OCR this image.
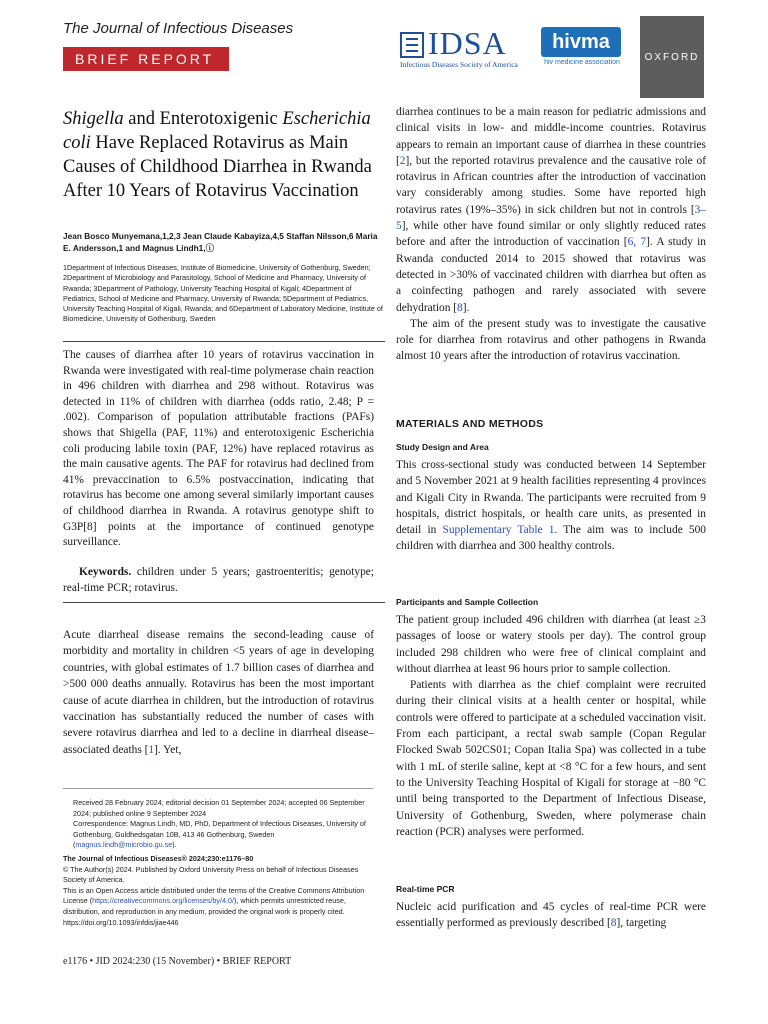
The Journal of Infectious Diseases
BRIEF REPORT	IDSA
Infectious Diseases Society of America
hivma
hiv medicine association	OXFORD
Shigella and Enterotoxigenic Escherichia coli Have Replaced Rotavirus as Main Causes of Childhood Diarrhea in Rwanda After 10 Years of Rotavirus Vaccination
Jean Bosco Munyemana,1,2,3 Jean Claude Kabayiza,4,5 Staffan Nilsson,6 Maria E. Andersson,1 and Magnus Lindh1,ⓘ
1Department of Infectious Diseases, Institute of Biomedicine, University of Gothenburg, Sweden; 2Department of Microbiology and Parasitology, School of Medicine and Pharmacy, University of Rwanda; 3Department of Pathology, University Teaching Hospital of Kigali; 4Department of Pediatrics, School of Medicine and Pharmacy, University of Rwanda; 5Department of Pediatrics, University Teaching Hospital of Kigali, Rwanda; and 6Department of Laboratory Medicine, Institute of Biomedicine, University of Gothenburg, Sweden
The causes of diarrhea after 10 years of rotavirus vaccination in Rwanda were investigated with real-time polymerase chain reaction in 496 children with diarrhea and 298 without. Rotavirus was detected in 11% of children with diarrhea (odds ratio, 2.48; P = .002). Comparison of population attributable fractions (PAFs) shows that Shigella (PAF, 11%) and enterotoxigenic Escherichia coli producing labile toxin (PAF, 12%) have replaced rotavirus as the main causative agents. The PAF for rotavirus had declined from 41% prevaccination to 6.5% postvaccination, indicating that rotavirus has become one among several similarly important causes of childhood diarrhea in Rwanda. A rotavirus genotype shift to G3P[8] points at the importance of continued genotype surveillance.
Keywords. children under 5 years; gastroenteritis; genotype; real-time PCR; rotavirus.
Acute diarrheal disease remains the second-leading cause of morbidity and mortality in children <5 years of age in developing countries, with global estimates of 1.7 billion cases of diarrhea and >500 000 deaths annually. Rotavirus has been the most important cause of acute diarrhea in children, but the introduction of rotavirus vaccination has substantially reduced the number of cases with severe rotavirus diarrhea and led to a decline in diarrheal disease–associated deaths [1]. Yet,

Received 28 February 2024; editorial decision 01 September 2024; accepted 06 September 2024; published online 9 September 2024

Correspondence: Magnus Lindh, MD, PhD, Department of Infectious Diseases, University of Gothenburg, Guldhedsgatan 10B, 413 46 Gothenburg, Sweden (magnus.lindh@microbio.gu.se).

The Journal of Infectious Diseases® 2024;230:e1176–80

© The Author(s) 2024. Published by Oxford University Press on behalf of Infectious Diseases Society of America.

This is an Open Access article distributed under the terms of the Creative Commons Attribution License (https://creativecommons.org/licenses/by/4.0/), which permits unrestricted reuse, distribution, and reproduction in any medium, provided the original work is properly cited.

https://doi.org/10.1093/infdis/jiae446

e1176 • JID 2024:230 (15 November) • BRIEF REPORT

diarrhea continues to be a main reason for pediatric admissions and clinical visits in low- and middle-income countries. Rotavirus appears to remain an important cause of diarrhea in these countries [2], but the reported rotavirus prevalence and the causative role of rotavirus in African countries after the introduction of vaccination vary considerably among studies. Some have reported high rotavirus rates (19%–35%) in sick children but not in controls [3–5], while other have found similar or only slightly reduced rates before and after the introduction of vaccination [6, 7]. A study in Rwanda conducted 2014 to 2015 showed that rotavirus was detected in >30% of vaccinated children with diarrhea but often as a coinfecting pathogen and rarely associated with severe dehydration [8].

The aim of the present study was to investigate the causative role for diarrhea from rotavirus and other pathogens in Rwanda almost 10 years after the introduction of rotavirus vaccination.

MATERIALS AND METHODS
Study Design and Area

This cross-sectional study was conducted between 14 September and 5 November 2021 at 9 health facilities representing 4 provinces and Kigali City in Rwanda. The participants were recruited from 9 hospitals, district hospitals, or health care units, as presented in detail in Supplementary Table 1. The aim was to include 500 children with diarrhea and 300 healthy controls.

Participants and Sample Collection

The patient group included 496 children with diarrhea (at least ≥3 passages of loose or watery stools per day). The control group included 298 children who were free of clinical complaint and without diarrhea at least 96 hours prior to sample collection.

Patients with diarrhea as the chief complaint were recruited during their clinical visits at a health center or hospital, while controls were offered to participate at a scheduled vaccination visit. From each participant, a rectal swab sample (Copan Regular Flocked Swab 502CS01; Copan Italia Spa) was collected in a tube with 1 mL of sterile saline, kept at <8 °C for a few hours, and sent to the University Teaching Hospital of Kigali for storage at −80 °C until being transported to the Department of Infectious Disease, University of Gothenburg, Sweden, where polymerase chain reaction (PCR) analyses were performed.

Real-time PCR

Nucleic acid purification and 45 cycles of real-time PCR were essentially performed as previously described [8], targeting
